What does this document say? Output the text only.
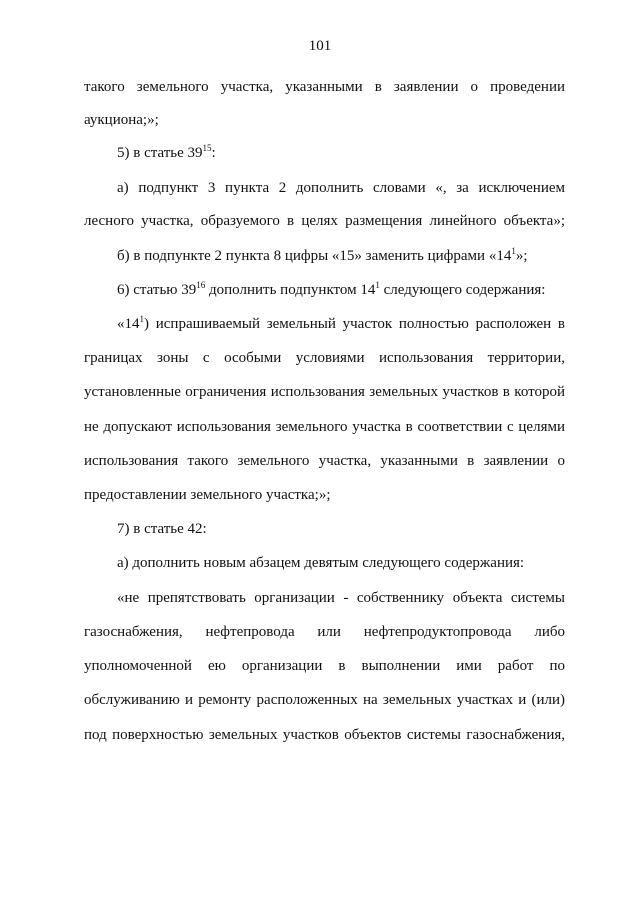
101
такого земельного участка, указанными в заявлении о проведении
аукциона;»;
5) в статье $39^{15}$:
а) подпункт 3 пункта 2 дополнить словами «, за исключением
лесного участка, образуемого в целях размещения линейного объекта»;
б) в подпункте 2 пункта 8 цифры «15» заменить цифрами «$14^1$»;
6) статью $39^{16}$ дополнить подпунктом $14^1$ следующего содержания:
«$14^1$) испрашиваемый земельный участок полностью расположен в
границах зоны с особыми условиями использования территории,
установленные ограничения использования земельных участков в которой
не допускают использования земельного участка в соответствии с целями
использования такого земельного участка, указанными в заявлении о
предоставлении земельного участка;»;
7) в статье 42:
а) дополнить новым абзацем девятым следующего содержания:
«не препятствовать организации - собственнику объекта системы
газоснабжения, нефтепровода или нефтепродуктопровода либо
уполномоченной ею организации в выполнении ими работ по
обслуживанию и ремонту расположенных на земельных участках и (или)
под поверхностью земельных участков объектов системы газоснабжения,
